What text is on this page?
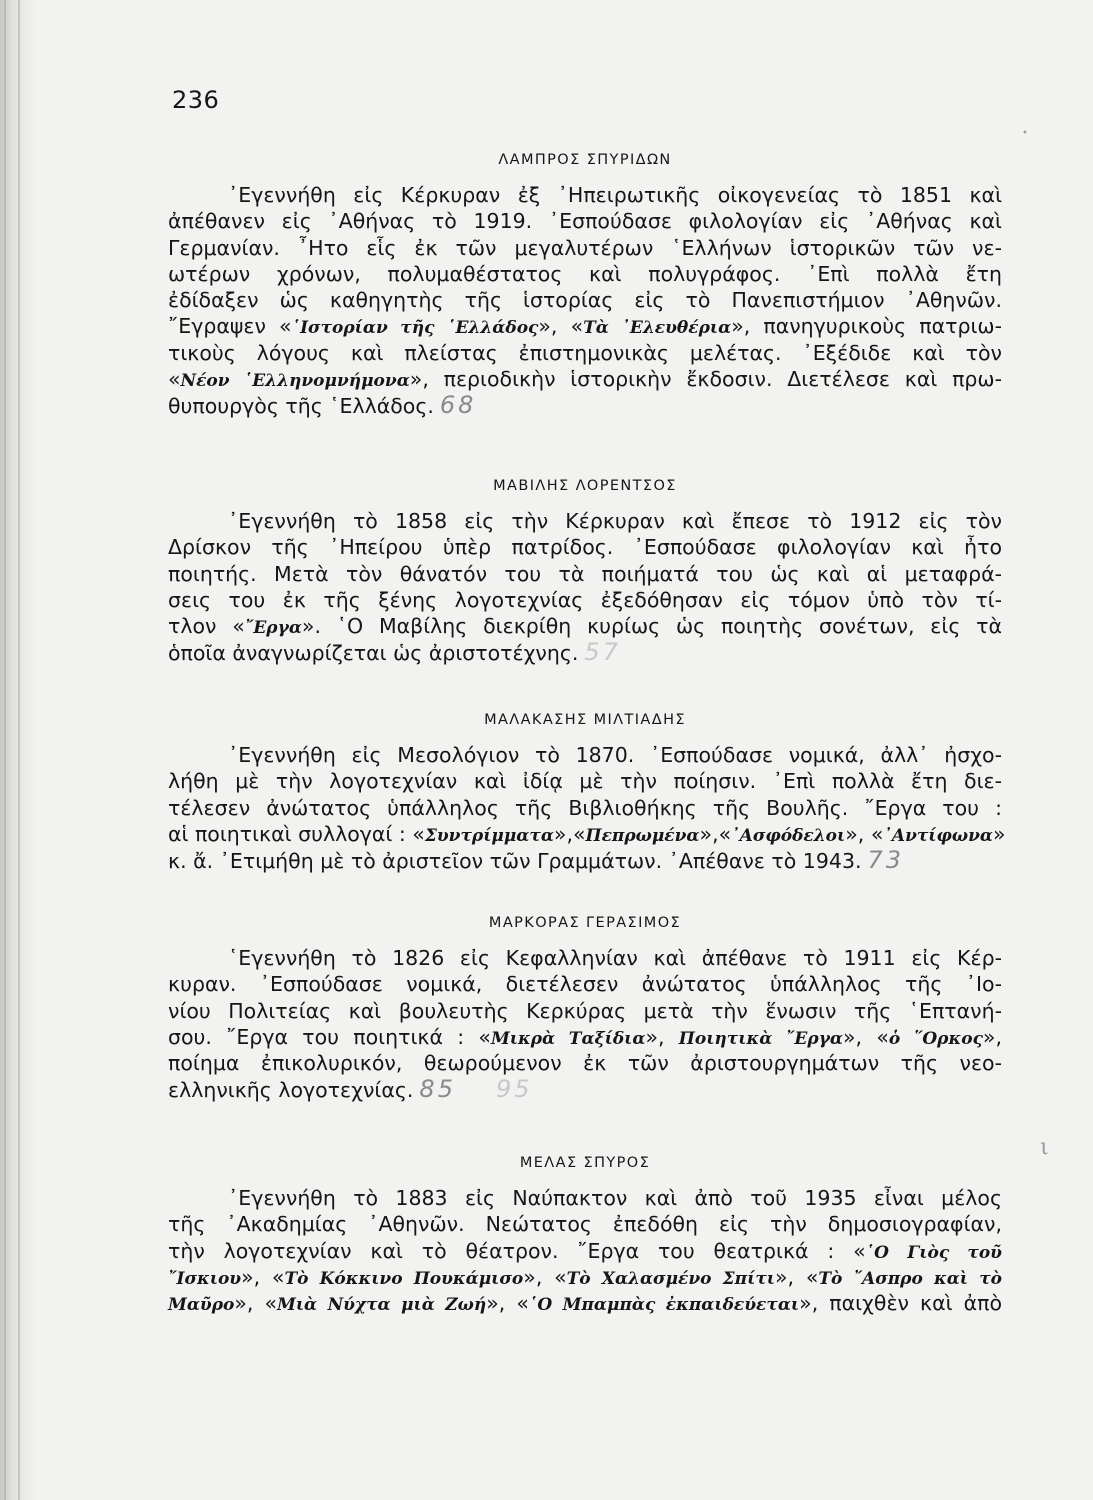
236
ΛΑΜΠΡΟΣ ΣΠΥΡΙΔΩΝ
᾿Εγεννήθη εἰς Κέρκυραν ἐξ ᾿Ηπειρωτικῆς οἰκογενείας τὸ 1851 καὶ
ἀπέθανεν εἰς ᾿Αθήνας τὸ 1919. ᾿Εσπούδασε φιλολογίαν εἰς ᾿Αθήνας καὶ
Γερμανίαν. ῏Ητο εἷς ἐκ τῶν μεγαλυτέρων ῾Ελλήνων ἱστορικῶν τῶν νε-
ωτέρων χρόνων, πολυμαθέστατος καὶ πολυγράφος. ᾿Επὶ πολλὰ ἔτη
ἐδίδαξεν ὡς καθηγητὴς τῆς ἱστορίας εἰς τὸ Πανεπιστήμιον ᾿Αθηνῶν.
῎Εγραψεν «῾Ιστορίαν τῆς ῾Ελλάδος», «Τὰ ᾿Ελευθέρια», πανηγυρικοὺς πατριω-
τικοὺς λόγους καὶ πλείστας ἐπιστημονικὰς μελέτας. ᾿Εξέδιδε καὶ τὸν
«Νέον ῾Ελληνομνήμονα», περιοδικὴν ἱστορικὴν ἔκδοσιν. Διετέλεσε καὶ πρω-
θυπουργὸς τῆς ῾Ελλάδος. 68
ΜΑΒΙΛΗΣ ΛΟΡΕΝΤΣΟΣ
᾿Εγεννήθη τὸ 1858 εἰς τὴν Κέρκυραν καὶ ἔπεσε τὸ 1912 εἰς τὸν
Δρίσκον τῆς ᾿Ηπείρου ὑπὲρ πατρίδος. ᾿Εσπούδασε φιλολογίαν καὶ ἦτο
ποιητής. Μετὰ τὸν θάνατόν του τὰ ποιήματά του ὡς καὶ αἱ μεταφρά-
σεις του ἐκ τῆς ξένης λογοτεχνίας ἐξεδόθησαν εἰς τόμον ὑπὸ τὸν τί-
τλον «῎Εργα». ῾Ο Μαβίλης διεκρίθη κυρίως ὡς ποιητὴς σονέτων, εἰς τὰ
ὁποῖα ἀναγνωρίζεται ὡς ἀριστοτέχνης. 57
ΜΑΛΑΚΑΣΗΣ ΜΙΛΤΙΑΔΗΣ
᾿Εγεννήθη εἰς Μεσολόγιον τὸ 1870. ᾿Εσπούδασε νομικά, ἀλλ᾿ ἠσχο-
λήθη μὲ τὴν λογοτεχνίαν καὶ ἰδίᾳ μὲ τὴν ποίησιν. ᾿Επὶ πολλὰ ἔτη διε-
τέλεσεν ἀνώτατος ὑπάλληλος τῆς Βιβλιοθήκης τῆς Βουλῆς. ῎Εργα του :
αἱ ποιητικαὶ συλλογαί : «Συντρίμματα»,«Πεπρωμένα»,«᾿Ασφόδελοι», «᾿Αντίφωνα»
κ. ἄ. ᾿Ετιμήθη μὲ τὸ ἀριστεῖον τῶν Γραμμάτων. ᾿Απέθανε τὸ 1943. 73
ΜΑΡΚΟΡΑΣ ΓΕΡΑΣΙΜΟΣ
῾Εγεννήθη τὸ 1826 εἰς Κεφαλληνίαν καὶ ἀπέθανε τὸ 1911 εἰς Κέρ-
κυραν. ᾿Εσπούδασε νομικά, διετέλεσεν ἀνώτατος ὑπάλληλος τῆς ᾿Ιο-
νίου Πολιτείας καὶ βουλευτὴς Κερκύρας μετὰ τὴν ἕνωσιν τῆς ῾Επτανή-
σου. ῎Εργα του ποιητικά : «Μικρὰ Ταξίδια», Ποιητικὰ ῎Εργα», «ὁ ῞Ορκος»,
ποίημα ἐπικολυρικόν, θεωρούμενον ἐκ τῶν ἀριστουργημάτων τῆς νεο-
ελληνικῆς λογοτεχνίας. 85 95
ΜΕΛΑΣ ΣΠΥΡΟΣ
᾿Εγεννήθη τὸ 1883 εἰς Ναύπακτον καὶ ἀπὸ τοῦ 1935 εἶναι μέλος
τῆς ᾿Ακαδημίας ᾿Αθηνῶν. Νεώτατος ἐπεδόθη εἰς τὴν δημοσιογραφίαν,
τὴν λογοτεχνίαν καὶ τὸ θέατρον. ῎Εργα του θεατρικά : «῾Ο Γιὸς τοῦ
῎Ισκιου», «Τὸ Κόκκινο Πουκάμισο», «Τὸ Χαλασμένο Σπίτι», «Τὸ ῎Ασπρο καὶ τὸ
Μαῦρο», «Μιὰ Νύχτα μιὰ Ζωή», «῾Ο Μπαμπὰς ἐκπαιδεύεται», παιχθὲν καὶ ἀπὸ
•
ι
